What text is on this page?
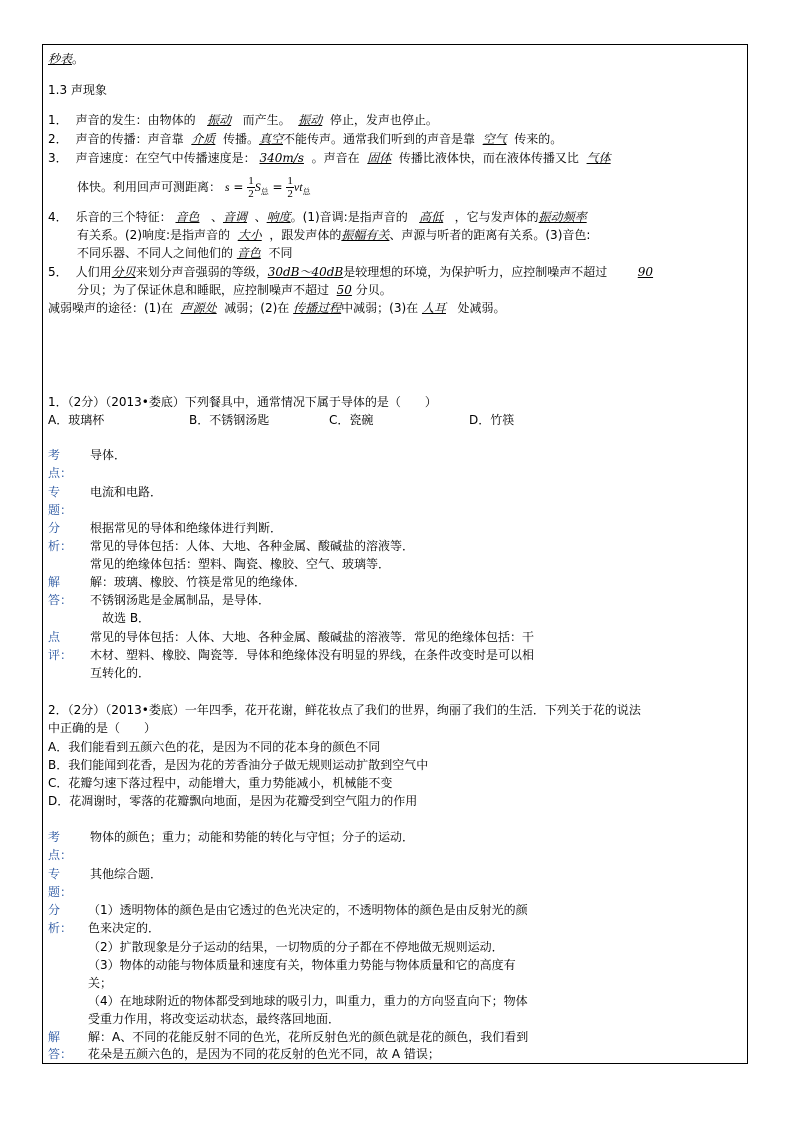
秒表。
1.3 声现象
1． 声音的发生：由物体的 振动 而产生。 振动 停止，发声也停止。
2． 声音的传播：声音靠 介质 传播。真空不能传声。通常我们听到的声音是靠 空气 传来的。
3． 声音速度：在空气中传播速度是： 340m/s 。声音在 固体 传播比液体快，而在液体传播又比 气体
体快。利用回声可测距离： $s = \frac{1}{2} S_总 = \frac{1}{2} vt_总$
4． 乐音的三个特征： 音色 、音调 、响度。(1)音调:是指声音的 高低 ，它与发声体的振动频率
有关系。(2)响度:是指声音的 大小 ，跟发声体的振幅有关、声源与听者的距离有关系。(3)音色:
不同乐器、不同人之间他们的 音色 不同
5． 人们用分贝来划分声音强弱的等级，30dB～40dB是较理想的环境，为保护听力，应控制噪声不超过	90
分贝；为了保证休息和睡眠，应控制噪声不超过 50 分贝。
减弱噪声的途径：(1)在 声源处 减弱；(2)在 传播过程中减弱；(3)在 人耳 处减弱。
1．（2分）（2013•娄底）下列餐具中，通常情况下属于导体的是（　　）
A．玻璃杯	B．不锈钢汤匙	C．瓷碗	D．竹筷
考
点：
导体．
专
题：
电流和电路．
分
析：
根据常见的导体和绝缘体进行判断．
常见的导体包括：人体、大地、各种金属、酸碱盐的溶液等．
常见的绝缘体包括：塑料、陶瓷、橡胶、空气、玻璃等．
解
答：
解：玻璃、橡胶、竹筷是常见的绝缘体．
不锈钢汤匙是金属制品，是导体．
故选 B．
点
评：
常见的导体包括：人体、大地、各种金属、酸碱盐的溶液等．常见的绝缘体包括：干
木材、塑料、橡胶、陶瓷等．导体和绝缘体没有明显的界线，在条件改变时是可以相
互转化的．
2．（2分）（2013•娄底）一年四季，花开花谢，鲜花妆点了我们的世界，绚丽了我们的生活．下列关于花的说法
中正确的是（　　）
A．我们能看到五颜六色的花，是因为不同的花本身的颜色不同
B．我们能闻到花香，是因为花的芳香油分子做无规则运动扩散到空气中
C．花瓣匀速下落过程中，动能增大，重力势能减小，机械能不变
D．花凋谢时，零落的花瓣飘向地面，是因为花瓣受到空气阻力的作用
考
点：
物体的颜色；重力；动能和势能的转化与守恒；分子的运动．
专
题：
其他综合题．
分
析：
（1）透明物体的颜色是由它透过的色光决定的，不透明物体的颜色是由反射光的颜
色来决定的．
（2）扩散现象是分子运动的结果，一切物质的分子都在不停地做无规则运动．
（3）物体的动能与物体质量和速度有关，物体重力势能与物体质量和它的高度有
关；
（4）在地球附近的物体都受到地球的吸引力，叫重力，重力的方向竖直向下；物体
受重力作用，将改变运动状态，最终落回地面．
解
答：
解：A、不同的花能反射不同的色光，花所反射色光的颜色就是花的颜色，我们看到
花朵是五颜六色的，是因为不同的花反射的色光不同，故 A 错误；
